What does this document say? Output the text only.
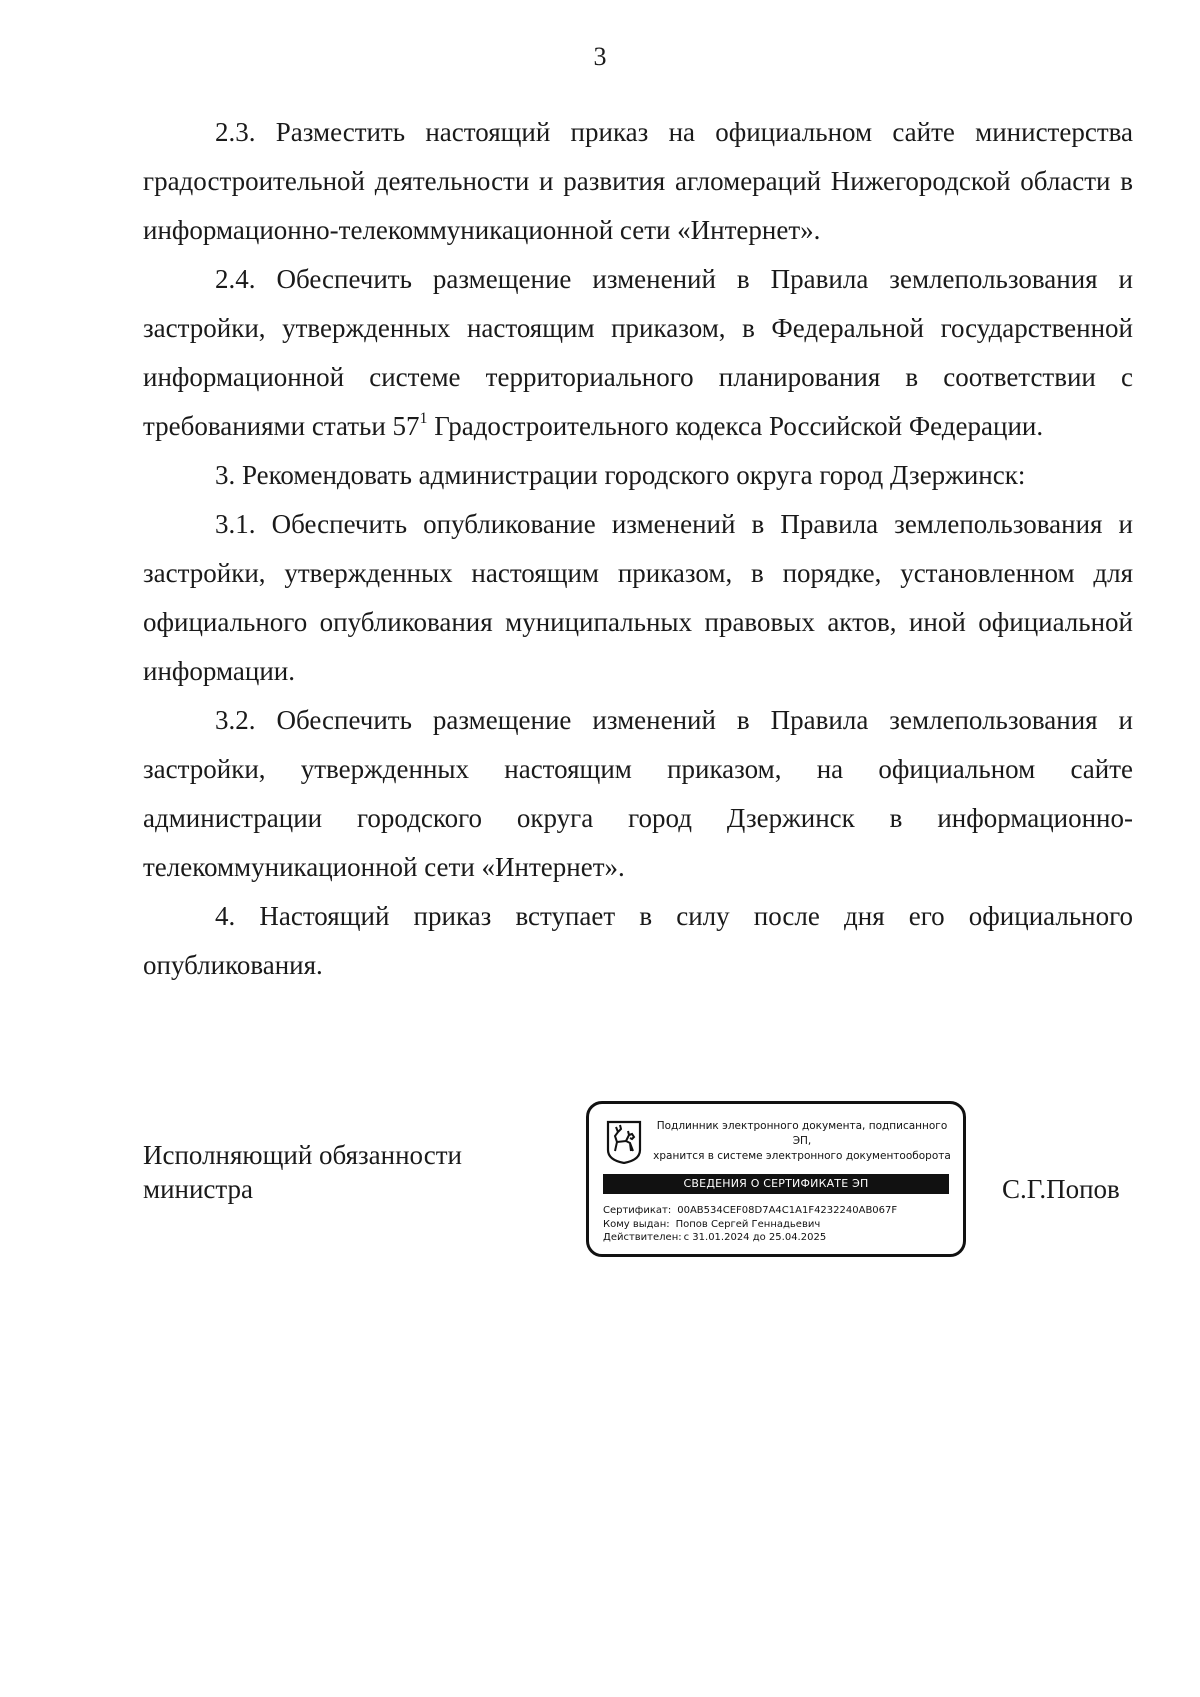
3

2.3. Разместить настоящий приказ на официальном сайте министерства градостроительной деятельности и развития агломераций Нижегородской области в информационно-телекоммуникационной сети «Интернет».

2.4. Обеспечить размещение изменений в Правила землепользования и застройки, утвержденных настоящим приказом, в Федеральной государственной информационной системе территориального планирования в соответствии с требованиями статьи $57^1$ Градостроительного кодекса Российской Федерации.

3. Рекомендовать администрации городского округа город Дзержинск:

3.1. Обеспечить опубликование изменений в Правила землепользования и застройки, утвержденных настоящим приказом, в порядке, установленном для официального опубликования муниципальных правовых актов, иной официальной информации.

3.2. Обеспечить размещение изменений в Правила землепользования и застройки, утвержденных настоящим приказом, на официальном сайте администрации городского округа город Дзержинск в информационно-телекоммуникационной сети «Интернет».

4. Настоящий приказ вступает в силу после дня его официального опубликования.

Исполняющий обязанности
министра
Подлинник электронного документа, подписанного ЭП,
хранится в системе электронного документооборота
СВЕДЕНИЯ О СЕРТИФИКАТЕ ЭП
Сертификат: 00AB534CEF08D7A4C1A1F4232240AB067F
Кому выдан: Попов Сергей Геннадьевич
Действителен: с 31.01.2024 до 25.04.2025
С.Г.Попов
